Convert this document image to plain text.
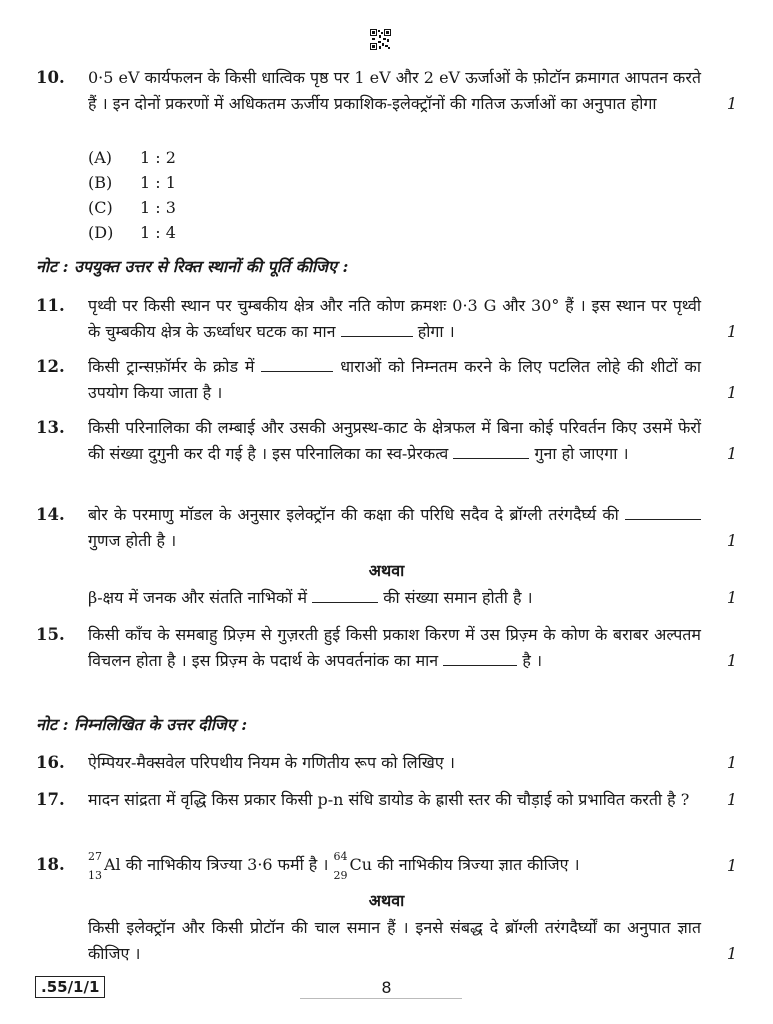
10. 0·5 eV कार्यफलन के किसी धात्विक पृष्ठ पर 1 eV और 2 eV ऊर्जाओं के फ़ोटॉन क्रमागत आपतन करते हैं । इन दोनों प्रकरणों में अधिकतम ऊर्जीय प्रकाशिक-इलेक्ट्रॉनों की गतिज ऊर्जाओं का अनुपात होगा	1
(A) 1 : 2
(B) 1 : 1
(C) 1 : 3
(D) 1 : 4
नोट : उपयुक्त उत्तर से रिक्त स्थानों की पूर्ति कीजिए :
11. पृथ्वी पर किसी स्थान पर चुम्बकीय क्षेत्र और नति कोण क्रमशः 0·3 G और 30° हैं । इस स्थान पर पृथ्वी के चुम्बकीय क्षेत्र के ऊर्ध्वाधर घटक का मान	होगा ।	1
12. किसी ट्रान्सफ़ॉर्मर के क्रोड में	धाराओं को निम्नतम करने के लिए पटलित लोहे की शीटों का उपयोग किया जाता है ।	1
13. किसी परिनालिका की लम्बाई और उसकी अनुप्रस्थ-काट के क्षेत्रफल में बिना कोई परिवर्तन किए उसमें फेरों की संख्या दुगुनी कर दी गई है । इस परिनालिका का स्व-प्रेरकत्व	गुना हो जाएगा ।	1
14. बोर के परमाणु मॉडल के अनुसार इलेक्ट्रॉन की कक्षा की परिधि सदैव दे ब्रॉग्ली तरंगदैर्घ्य की  गुणज होती है ।	1
अथवा
β-क्षय में जनक और संतति नाभिकों में	की संख्या समान होती है ।	1
15. किसी काँच के समबाहु प्रिज़्म से गुज़रती हुई किसी प्रकाश किरण में उस प्रिज़्म के कोण के बराबर अल्पतम विचलन होता है । इस प्रिज़्म के पदार्थ के अपवर्तनांक का मान	है ।	1
नोट : निम्नलिखित के उत्तर दीजिए :
16. ऐम्पियर-मैक्सवेल परिपथीय नियम के गणितीय रूप को लिखिए ।	1
17. मादन सांद्रता में वृद्धि किस प्रकार किसी p-n संधि डायोड के ह्रासी स्तर की चौड़ाई को प्रभावित करती है ?	1
18. 27
13
Al की नाभिकीय त्रिज्या 3·6 फर्मी है । 64
29
Cu की नाभिकीय त्रिज्या ज्ञात कीजिए ।	1
अथवा
किसी इलेक्ट्रॉन और किसी प्रोटॉन की चाल समान हैं । इनसे संबद्ध दे ब्रॉग्ली तरंगदैर्घ्यों का अनुपात ज्ञात कीजिए ।	1
.55/1/1	8
